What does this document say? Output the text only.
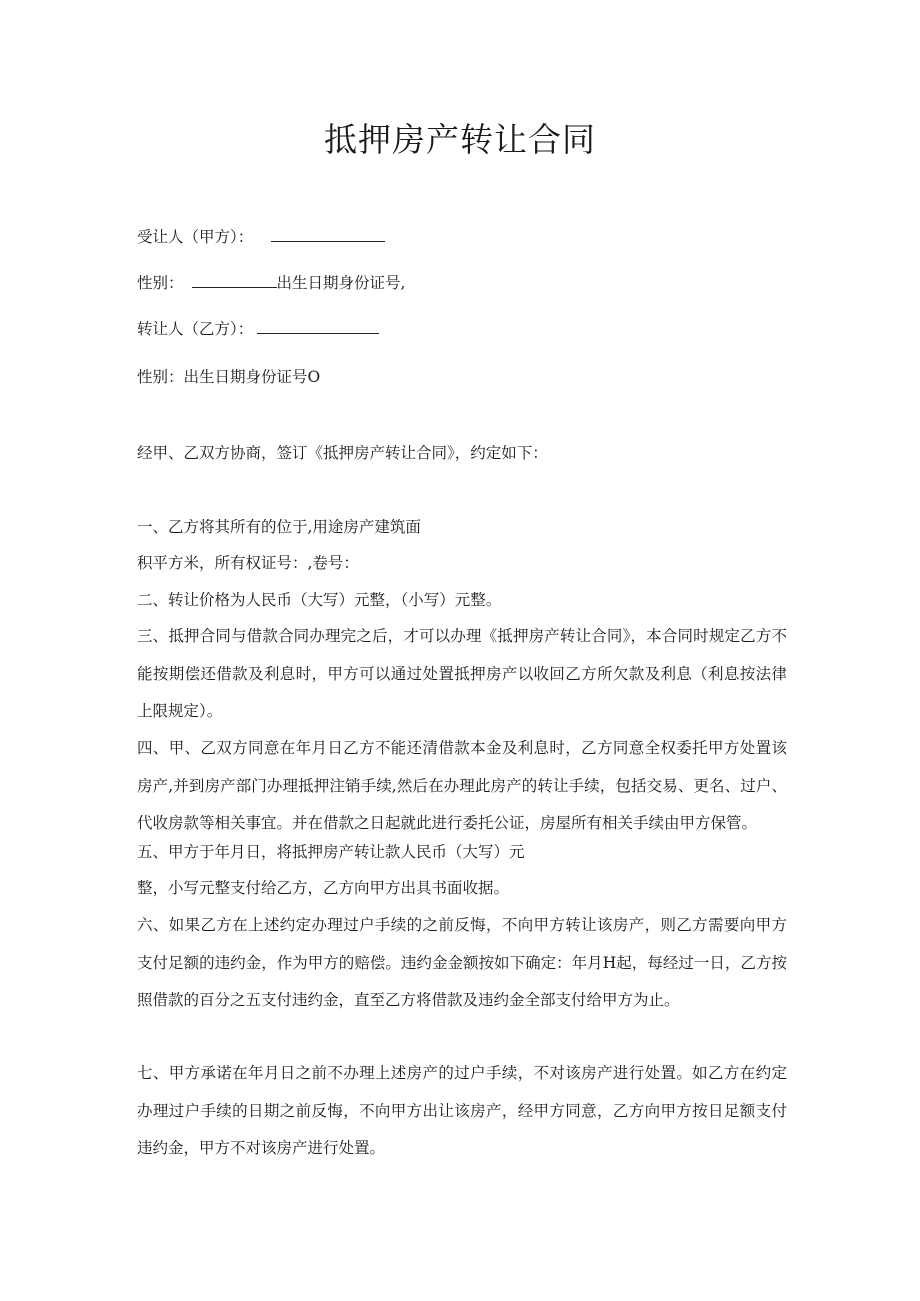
抵押房产转让合同
受让人（甲方）：
性别：	出生日期身份证号,
转让人（乙方）：
性别：出生日期身份证号O
经甲、乙双方协商，签订《抵押房产转让合同》，约定如下：
一、乙方将其所有的位于,用途房产建筑面
积平方米，所有权证号：,卷号：
二、转让价格为人民币（大写）元整，（小写）元整。
三、抵押合同与借款合同办理完之后，才可以办理《抵押房产转让合同》，本合同时规定乙方不能按期偿还借款及利息时，甲方可以通过处置抵押房产以收回乙方所欠款及利息（利息按法律上限规定）。
四、甲、乙双方同意在年月日乙方不能还清借款本金及利息时，乙方同意全权委托甲方处置该房产,并到房产部门办理抵押注销手续,然后在办理此房产的转让手续，包括交易、更名、过户、代收房款等相关事宜。并在借款之日起就此进行委托公证，房屋所有相关手续由甲方保管。
五、甲方于年月日，将抵押房产转让款人民币（大写）元
整，小写元整支付给乙方，乙方向甲方出具书面收据。
六、如果乙方在上述约定办理过户手续的之前反悔，不向甲方转让该房产，则乙方需要向甲方支付足额的违约金，作为甲方的赔偿。违约金金额按如下确定：年月H起，每经过一日，乙方按照借款的百分之五支付违约金，直至乙方将借款及违约金全部支付给甲方为止。
七、甲方承诺在年月日之前不办理上述房产的过户手续，不对该房产进行处置。如乙方在约定办理过户手续的日期之前反悔，不向甲方出让该房产，经甲方同意，乙方向甲方按日足额支付违约金，甲方不对该房产进行处置。
